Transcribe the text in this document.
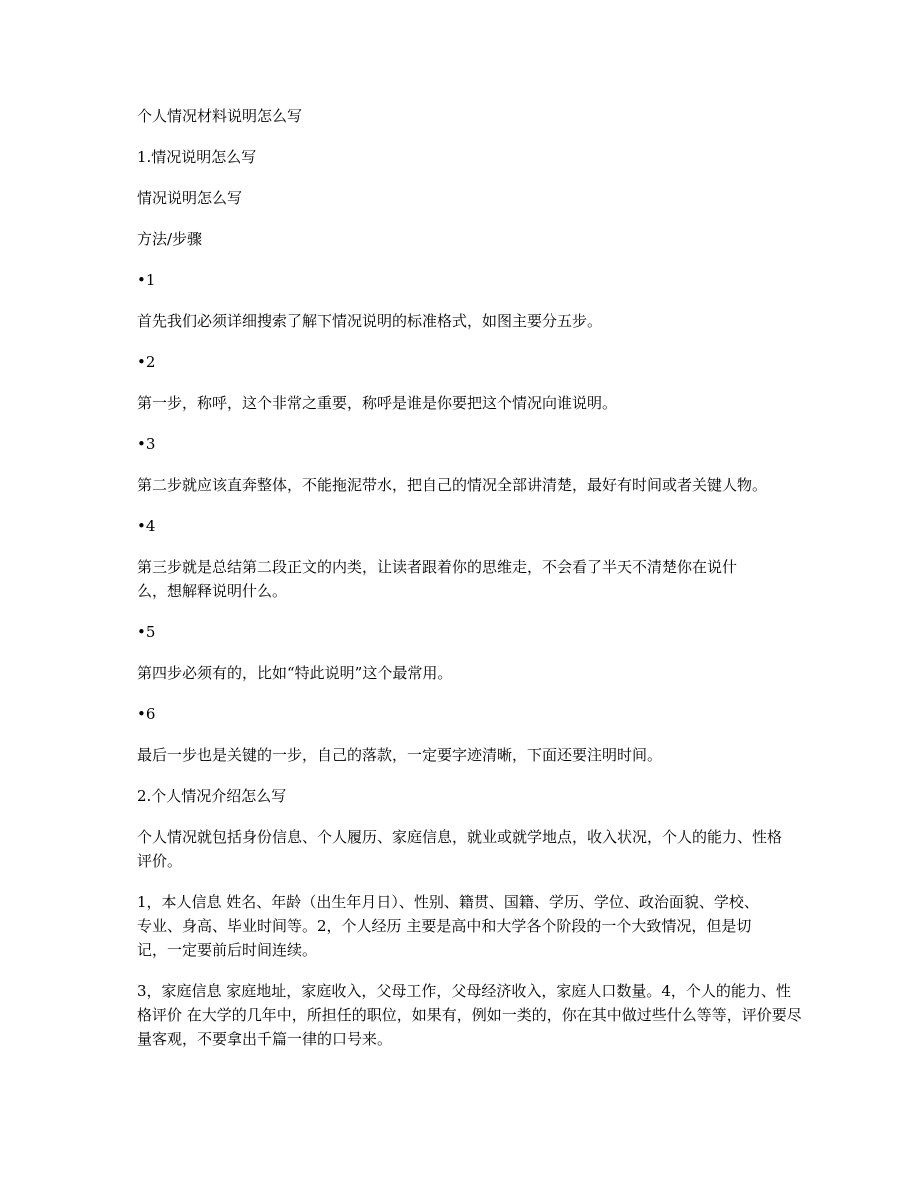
个人情况材料说明怎么写

1.情况说明怎么写

情况说明怎么写

方法/步骤

•1

首先我们必须详细搜索了解下情况说明的标准格式，如图主要分五步。

•2

第一步，称呼，这个非常之重要，称呼是谁是你要把这个情况向谁说明。

•3

第二步就应该直奔整体，不能拖泥带水，把自己的情况全部讲清楚，最好有时间或者关键人物。

•4

第三步就是总结第二段正文的内类，让读者跟着你的思维走，不会看了半天不清楚你在说什么，想解释说明什么。

•5

第四步必须有的，比如“特此说明”这个最常用。

•6

最后一步也是关键的一步，自己的落款，一定要字迹清晰，下面还要注明时间。

2.个人情况介绍怎么写

个人情况就包括身份信息、个人履历、家庭信息，就业或就学地点，收入状况，个人的能力、性格评价。

1，本人信息 姓名、年龄（出生年月日）、性别、籍贯、国籍、学历、学位、政治面貌、学校、专业、身高、毕业时间等。2，个人经历 主要是高中和大学各个阶段的一个大致情况，但是切记，一定要前后时间连续。

3，家庭信息 家庭地址，家庭收入，父母工作，父母经济收入，家庭人口数量。4，个人的能力、性格评价 在大学的几年中，所担任的职位，如果有，例如一类的，你在其中做过些什么等等，评价要尽量客观，不要拿出千篇一律的口号来。
